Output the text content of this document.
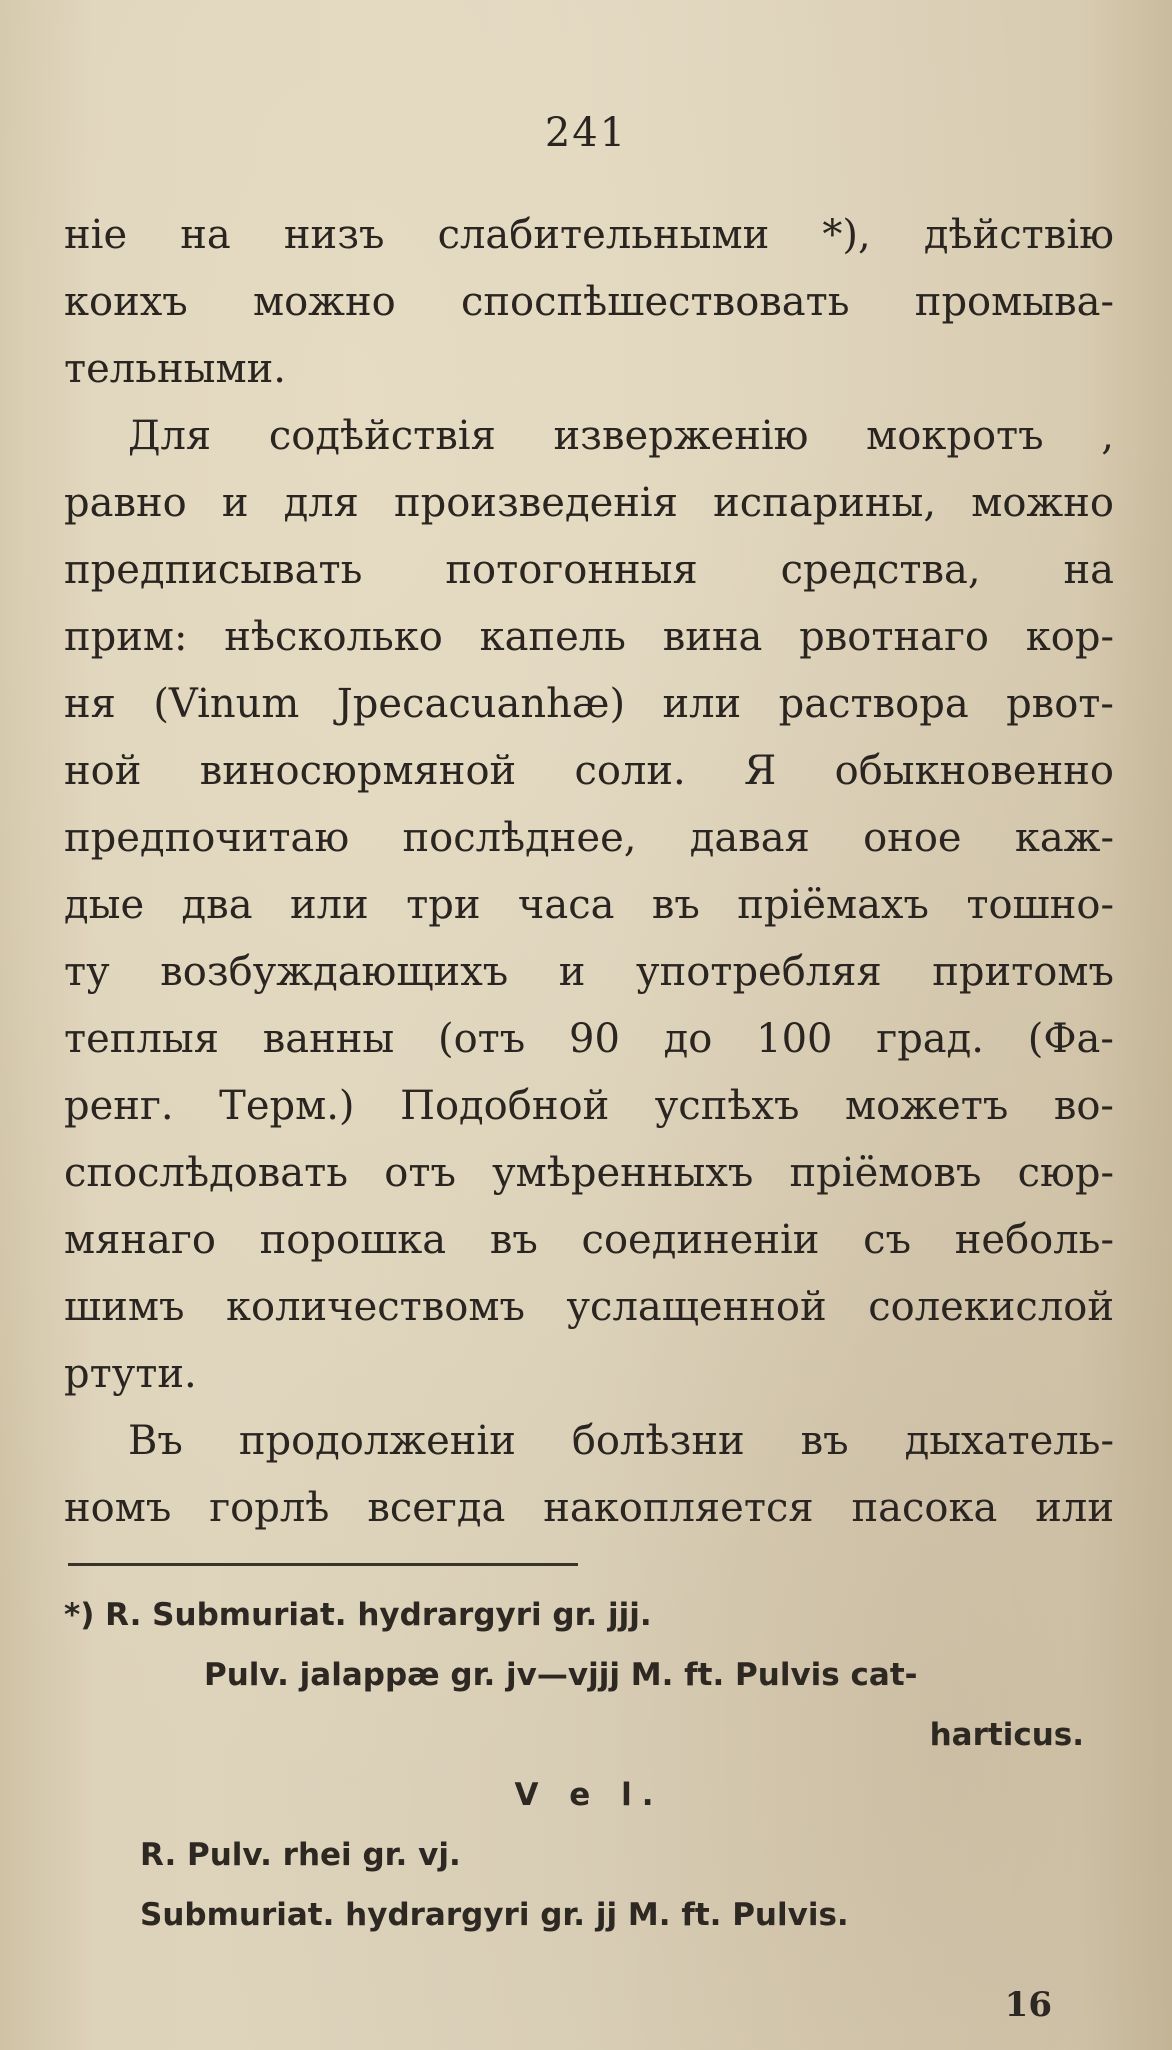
241
ніе на низъ слабительными *), дѣйствію
коихъ можно споспѣшествовать промыва-
тельными.
Для содѣйствія изверженію мокротъ ,
равно и для произведенія испарины, можно
предписывать потогонныя средства, на
прим: нѣсколько капель вина рвотнаго кор-
ня (Vinum Jpecacuanhæ) или раствора рвот-
ной виносюрмяной соли. Я обыкновенно
предпочитаю послѣднее, давая оное каж-
дые два или три часа въ пріёмахъ тошно-
ту возбуждающихъ и употребляя притомъ
теплыя ванны (отъ 90 до 100 град. (Фа-
ренг. Терм.) Подобной успѣхъ можетъ во-
спослѣдовать отъ умѣренныхъ пріёмовъ сюр-
мянаго порошка въ соединеніи съ неболь-
шимъ количествомъ услащенной солекислой
ртути.
Въ продолженіи болѣзни въ дыхатель-
номъ горлѣ всегда накопляется пасока или
*) R. Submuriat. hydrargyri gr. jjj.
Pulv. jalappæ gr. jv—vjjj M. ft. Pulvis cat-
harticus.
V e l.
R. Pulv. rhei gr. vj.
Submuriat. hydrargyri gr. jj M. ft. Pulvis.
16
